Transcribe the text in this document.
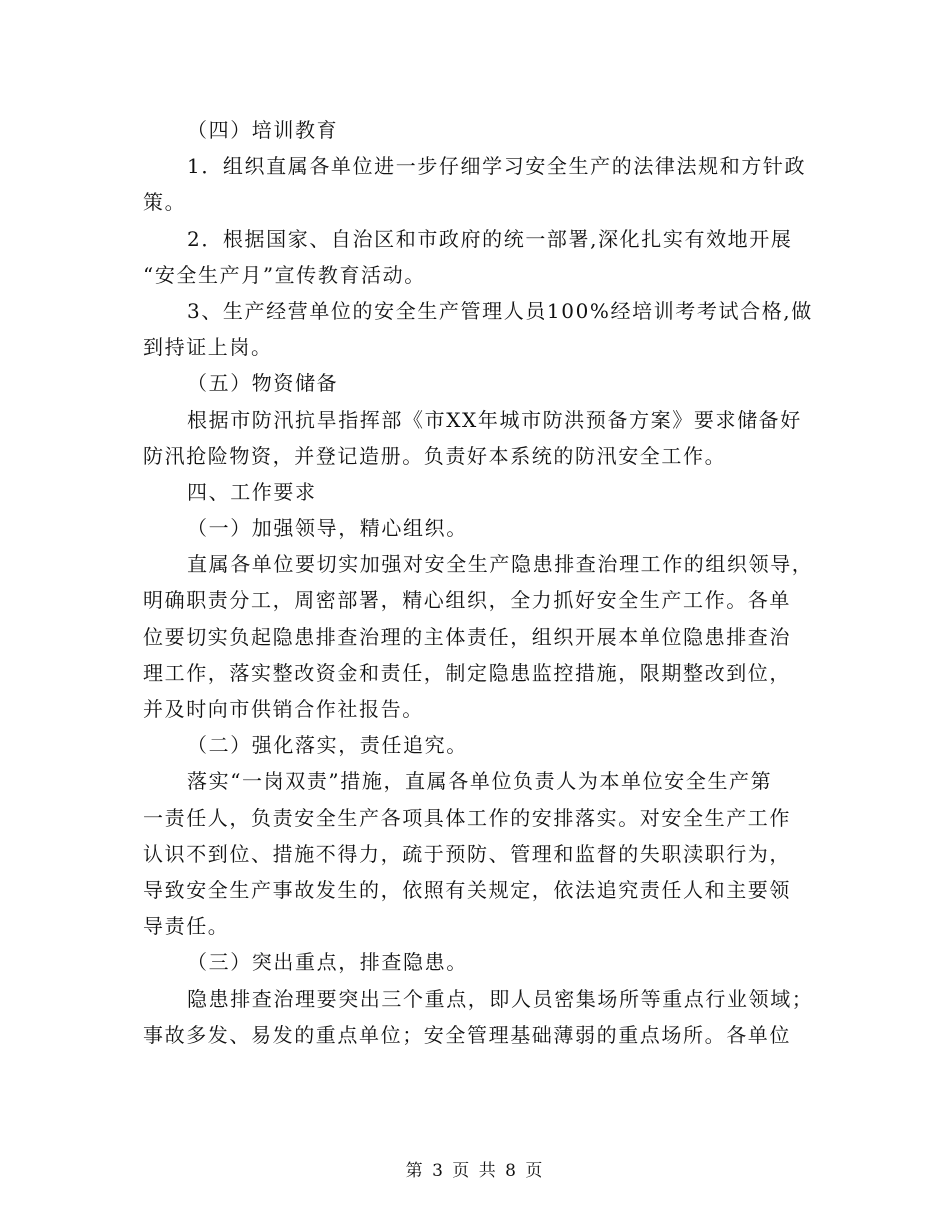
（四）培训教育
1．组织直属各单位进一步仔细学习安全生产的法律法规和方针政
策。
2．根据国家、自治区和市政府的统一部署,深化扎实有效地开展
“安全生产月”宣传教育活动。
3、生产经营单位的安全生产管理人员100%经培训考考试合格,做
到持证上岗。
（五）物资储备
根据市防汛抗旱指挥部《市XX年城市防洪预备方案》要求储备好
防汛抢险物资，并登记造册。负责好本系统的防汛安全工作。
四、工作要求
（一）加强领导，精心组织。
直属各单位要切实加强对安全生产隐患排查治理工作的组织领导，
明确职责分工，周密部署，精心组织，全力抓好安全生产工作。各单
位要切实负起隐患排查治理的主体责任，组织开展本单位隐患排查治
理工作，落实整改资金和责任，制定隐患监控措施，限期整改到位，
并及时向市供销合作社报告。
（二）强化落实，责任追究。
落实“一岗双责”措施，直属各单位负责人为本单位安全生产第
一责任人，负责安全生产各项具体工作的安排落实。对安全生产工作
认识不到位、措施不得力，疏于预防、管理和监督的失职渎职行为，
导致安全生产事故发生的，依照有关规定，依法追究责任人和主要领
导责任。
（三）突出重点，排查隐患。
隐患排查治理要突出三个重点，即人员密集场所等重点行业领域；
事故多发、易发的重点单位；安全管理基础薄弱的重点场所。各单位
第 3 页 共 8 页
